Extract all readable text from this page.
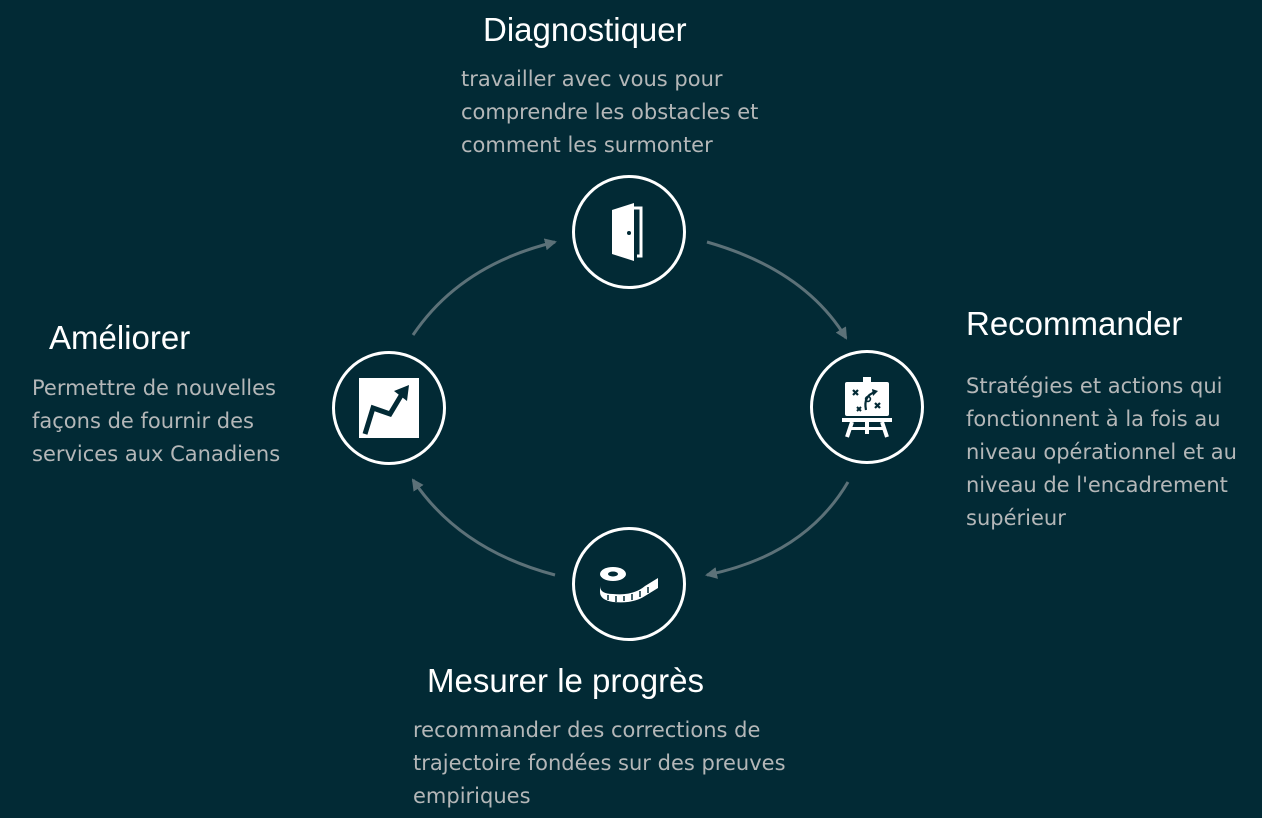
Diagnostiquer

travailler avec vous pour
comprendre les obstacles et
comment les surmonter

Recommander

Stratégies et actions qui
fonctionnent à la fois au
niveau opérationnel et au
niveau de l'encadrement
supérieur

Mesurer le progrès

recommander des corrections de
trajectoire fondées sur des preuves
empiriques

Améliorer

Permettre de nouvelles
façons de fournir des
services aux Canadiens
